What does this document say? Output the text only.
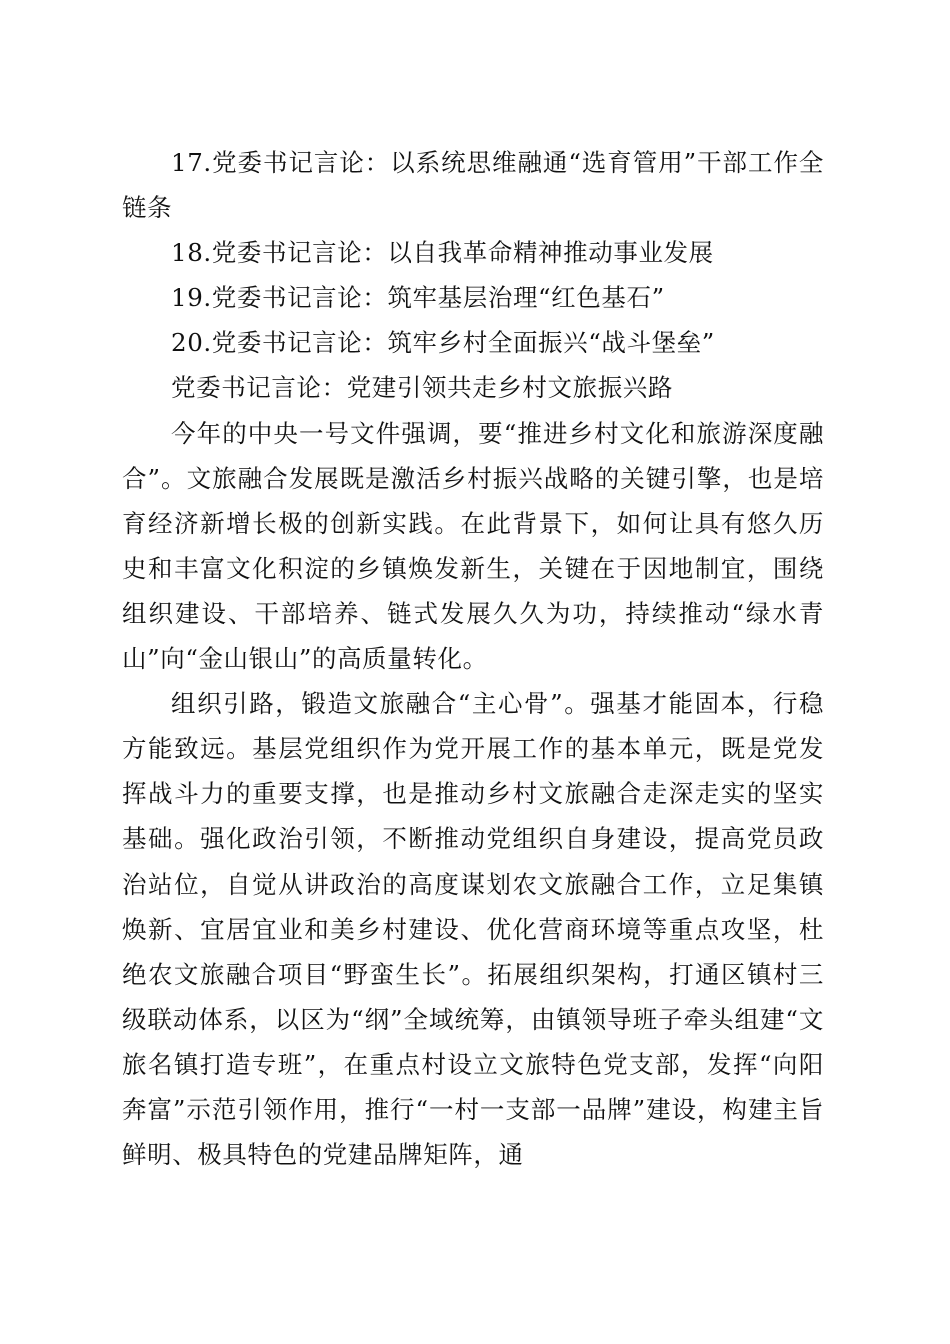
17.党委书记言论：以系统思维融通“选育管用”干部工作全链条

18.党委书记言论：以自我革命精神推动事业发展

19.党委书记言论：筑牢基层治理“红色基石”

20.党委书记言论：筑牢乡村全面振兴“战斗堡垒”

党委书记言论：党建引领共走乡村文旅振兴路

今年的中央一号文件强调，要“推进乡村文化和旅游深度融合”。文旅融合发展既是激活乡村振兴战略的关键引擎，也是培育经济新增长极的创新实践。在此背景下，如何让具有悠久历史和丰富文化积淀的乡镇焕发新生，关键在于因地制宜，围绕组织建设、干部培养、链式发展久久为功，持续推动“绿水青山”向“金山银山”的高质量转化。

组织引路，锻造文旅融合“主心骨”。强基才能固本，行稳方能致远。基层党组织作为党开展工作的基本单元，既是党发挥战斗力的重要支撑，也是推动乡村文旅融合走深走实的坚实基础。强化政治引领，不断推动党组织自身建设，提高党员政治站位，自觉从讲政治的高度谋划农文旅融合工作，立足集镇焕新、宜居宜业和美乡村建设、优化营商环境等重点攻坚，杜绝农文旅融合项目“野蛮生长”。拓展组织架构，打通区镇村三级联动体系，以区为“纲”全域统筹，由镇领导班子牵头组建“文旅名镇打造专班”，在重点村设立文旅特色党支部，发挥“向阳奔富”示范引领作用，推行“一村一支部一品牌”建设，构建主旨鲜明、极具特色的党建品牌矩阵，通
